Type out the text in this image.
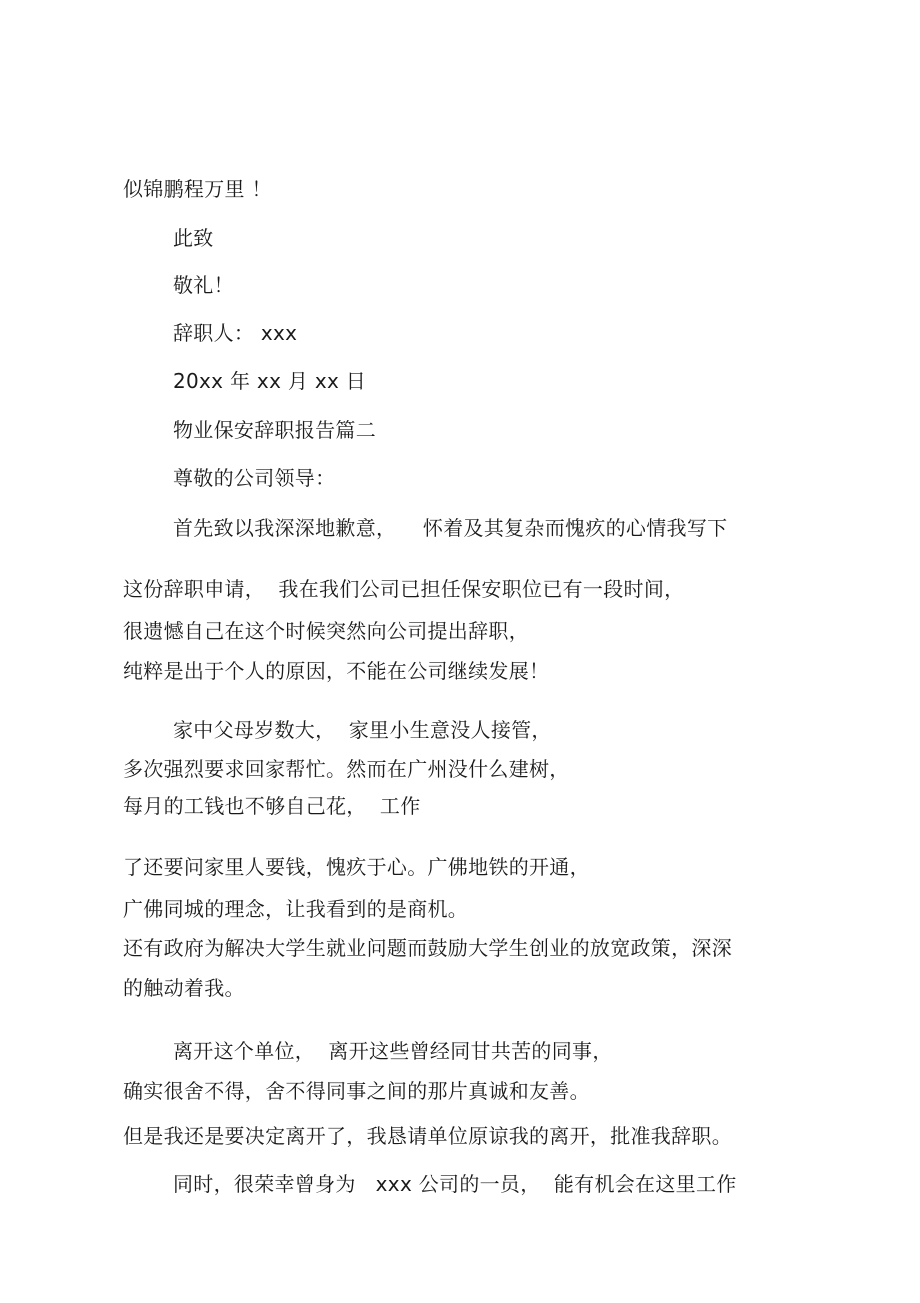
似锦鹏程万里 ！
此致
敬礼！
辞职人： xxx
20xx 年 xx 月 xx 日
物业保安辞职报告篇二
尊敬的公司领导：
首先致以我深深地歉意，    怀着及其复杂而愧疚的心情我写下
这份辞职申请，  我在我们公司已担任保安职位已有一段时间，
很遗憾自己在这个时候突然向公司提出辞职，
纯粹是出于个人的原因，不能在公司继续发展！
家中父母岁数大，  家里小生意没人接管，
多次强烈要求回家帮忙。然而在广州没什么建树，
每月的工钱也不够自己花，  工作
了还要问家里人要钱，愧疚于心。广佛地铁的开通，
广佛同城的理念，让我看到的是商机。
还有政府为解决大学生就业问题而鼓励大学生创业的放宽政策，深深
的触动着我。
离开这个单位，  离开这些曾经同甘共苦的同事，
确实很舍不得，舍不得同事之间的那片真诚和友善。
但是我还是要决定离开了，我恳请单位原谅我的离开，批准我辞职。
同时，很荣幸曾身为   xxx 公司的一员，  能有机会在这里工作
